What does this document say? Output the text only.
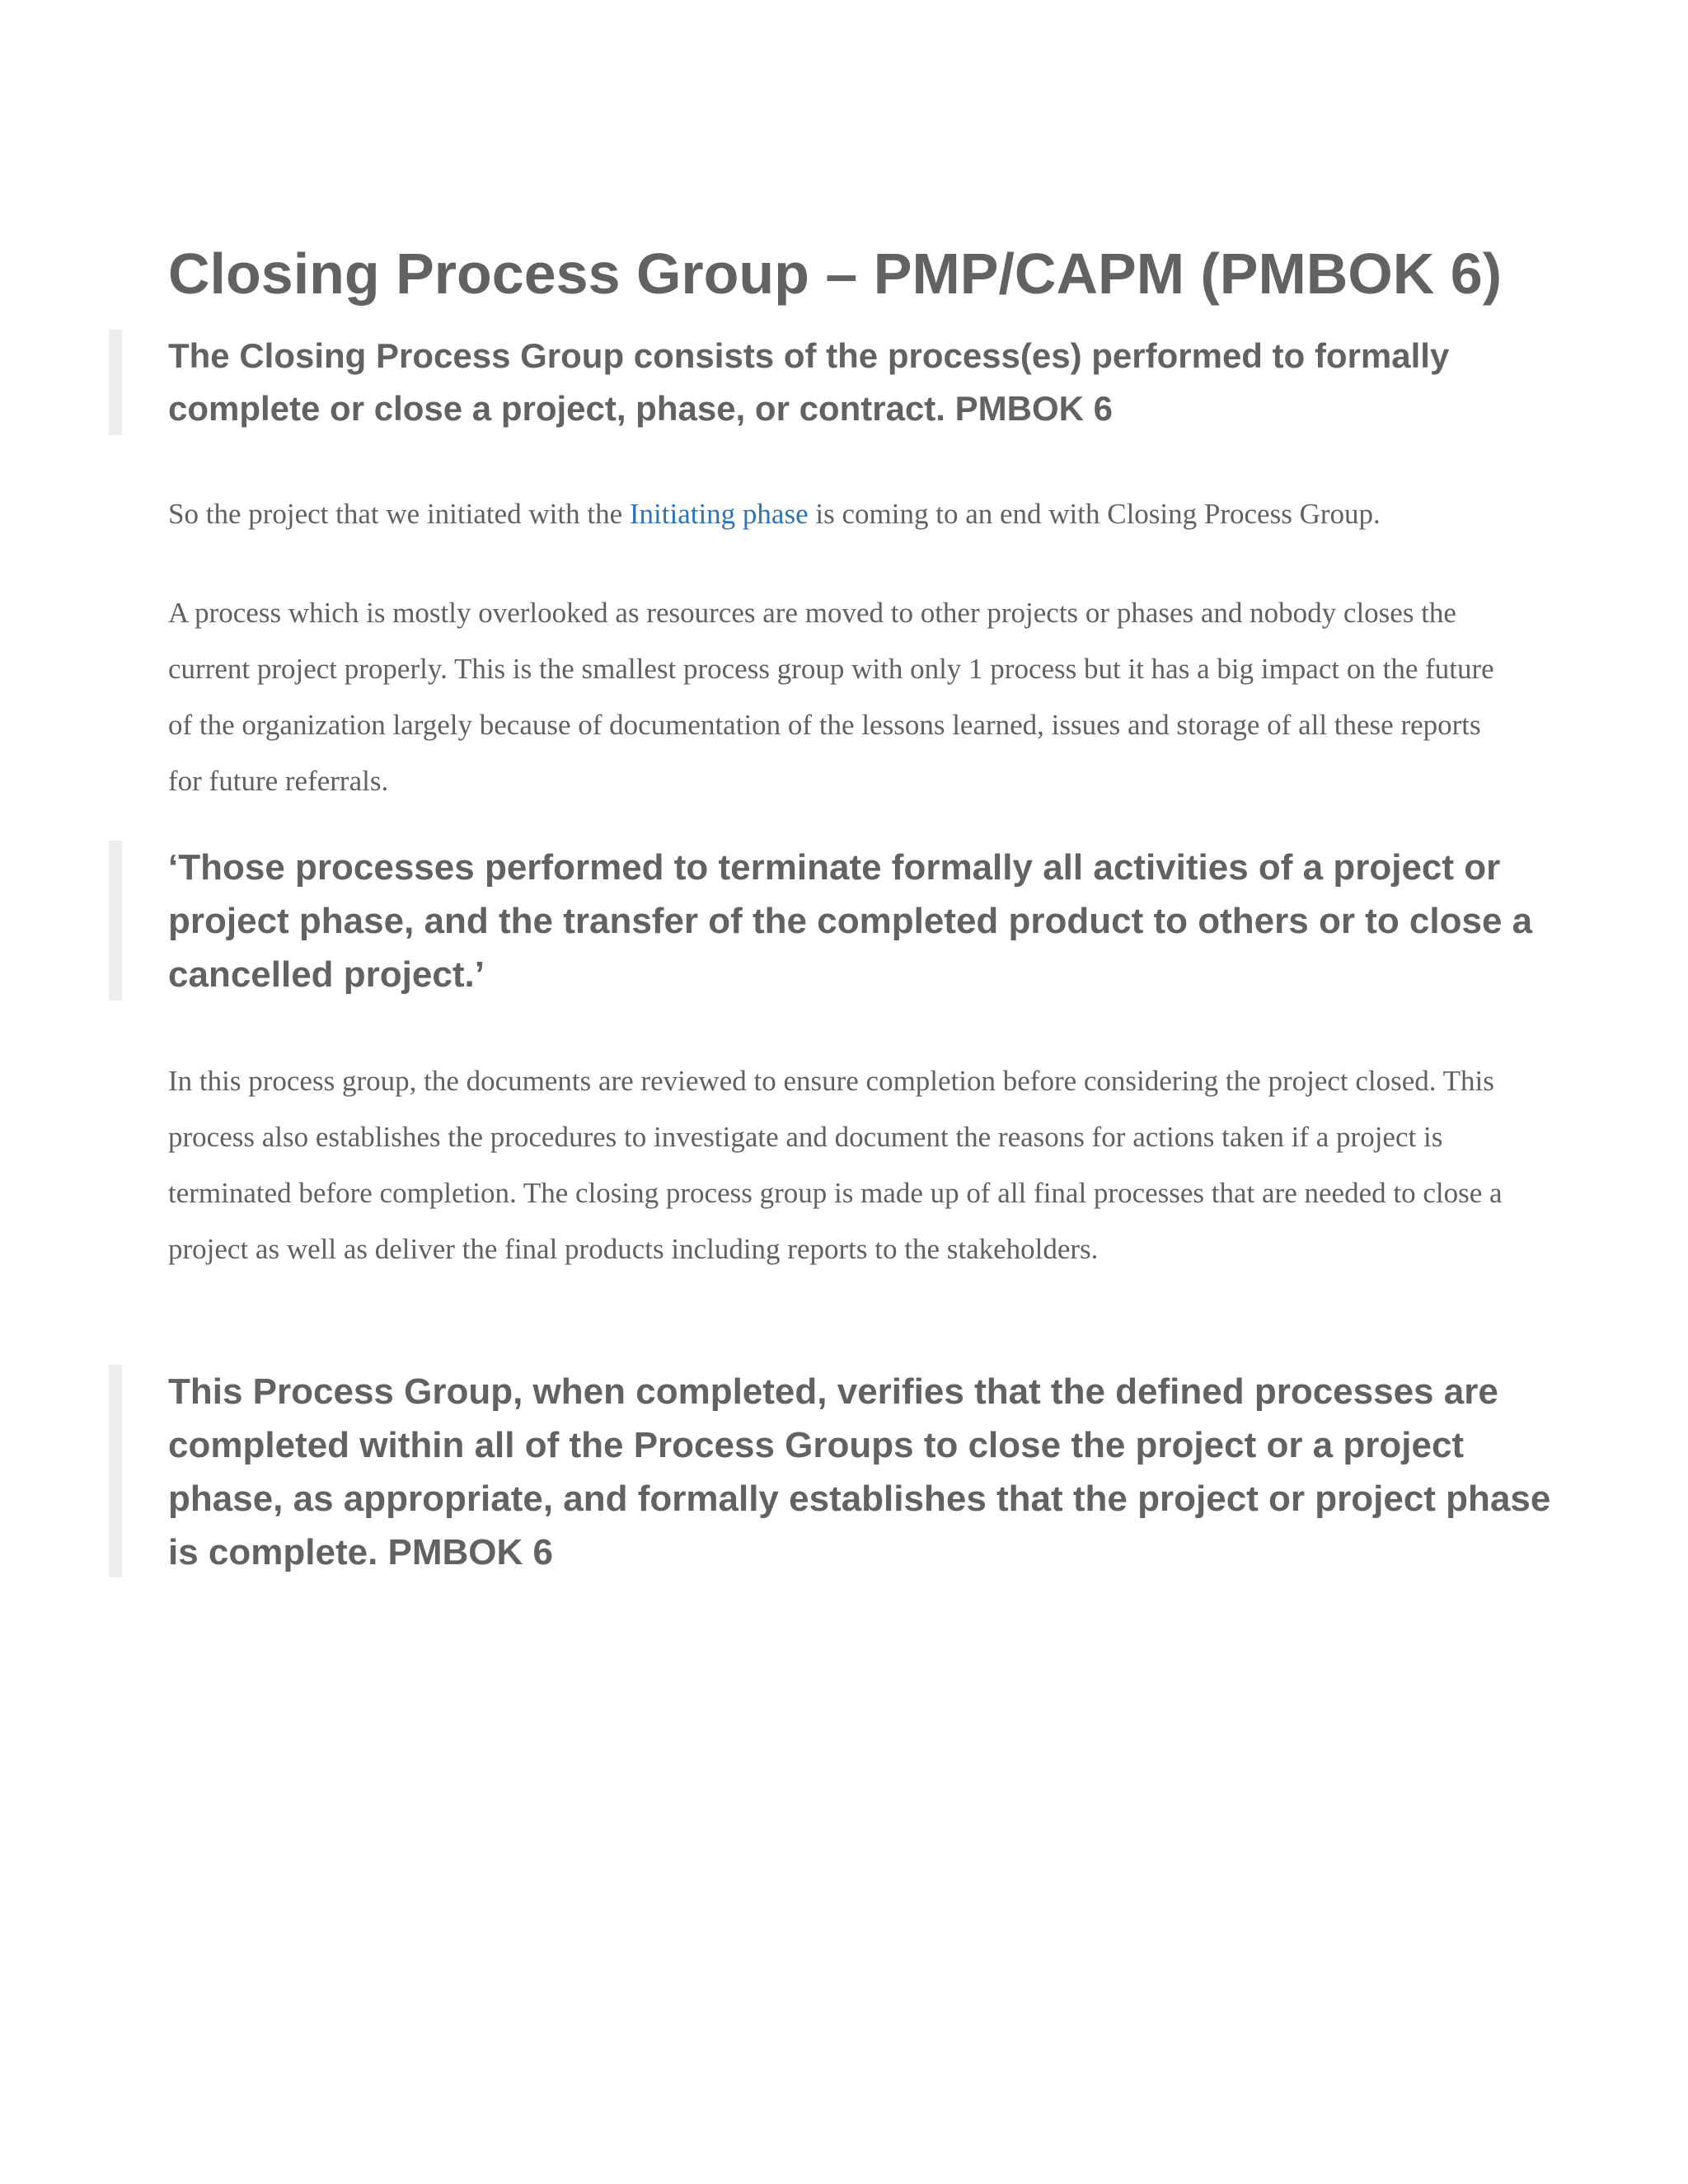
Closing Process Group – PMP/CAPM (PMBOK 6)

The Closing Process Group consists of the process(es) performed to formally complete or close a project, phase, or contract. PMBOK 6

So the project that we initiated with the Initiating phase is coming to an end with Closing Process Group.

A process which is mostly overlooked as resources are moved to other projects or phases and nobody closes the current project properly. This is the smallest process group with only 1 process but it has a big impact on the future of the organization largely because of documentation of the lessons learned, issues and storage of all these reports for future referrals.

‘Those processes performed to terminate formally all activities of a project or project phase, and the transfer of the completed product to others or to close a cancelled project.’

In this process group, the documents are reviewed to ensure completion before considering the project closed. This process also establishes the procedures to investigate and document the reasons for actions taken if a project is terminated before completion. The closing process group is made up of all final processes that are needed to close a project as well as deliver the final products including reports to the stakeholders.

This Process Group, when completed, verifies that the defined processes are completed within all of the Process Groups to close the project or a project phase, as appropriate, and formally establishes that the project or project phase is complete. PMBOK 6
